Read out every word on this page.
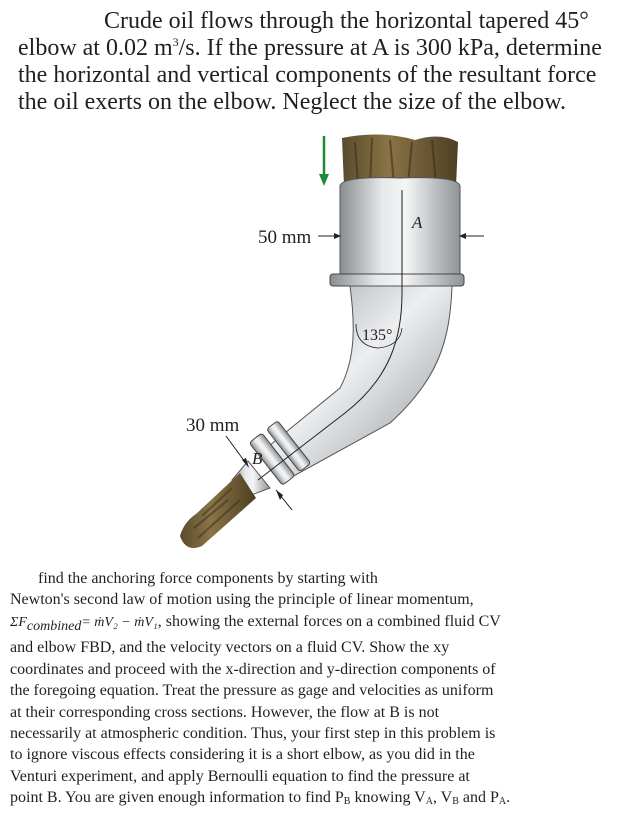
Crude oil flows through the horizontal tapered 45°
elbow at 0.02 $m^3/s$. If the pressure at A is 300 kPa, determine
the horizontal and vertical components of the resultant force
the oil exerts on the elbow. Neglect the size of the elbow.

50 mm
A
135°
30 mm
B
find the anchoring force components by starting with
Newton's second law of motion using the principle of linear momentum,
$\Sigma F_{combined}=$ ṁV₂ − ṁV₁, showing the external forces on a combined fluid CV
and elbow FBD, and the velocity vectors on a fluid CV. Show the xy
coordinates and proceed with the x-direction and y-direction components of
the foregoing equation. Treat the pressure as gage and velocities as uniform
at their corresponding cross sections. However, the flow at B is not
necessarily at atmospheric condition. Thus, your first step in this problem is
to ignore viscous effects considering it is a short elbow, as you did in the
Venturi experiment, and apply Bernoulli equation to find the pressure at
point B. You are given enough information to find $P_B$ knowing $V_A$, $V_B$ and $P_A$.
